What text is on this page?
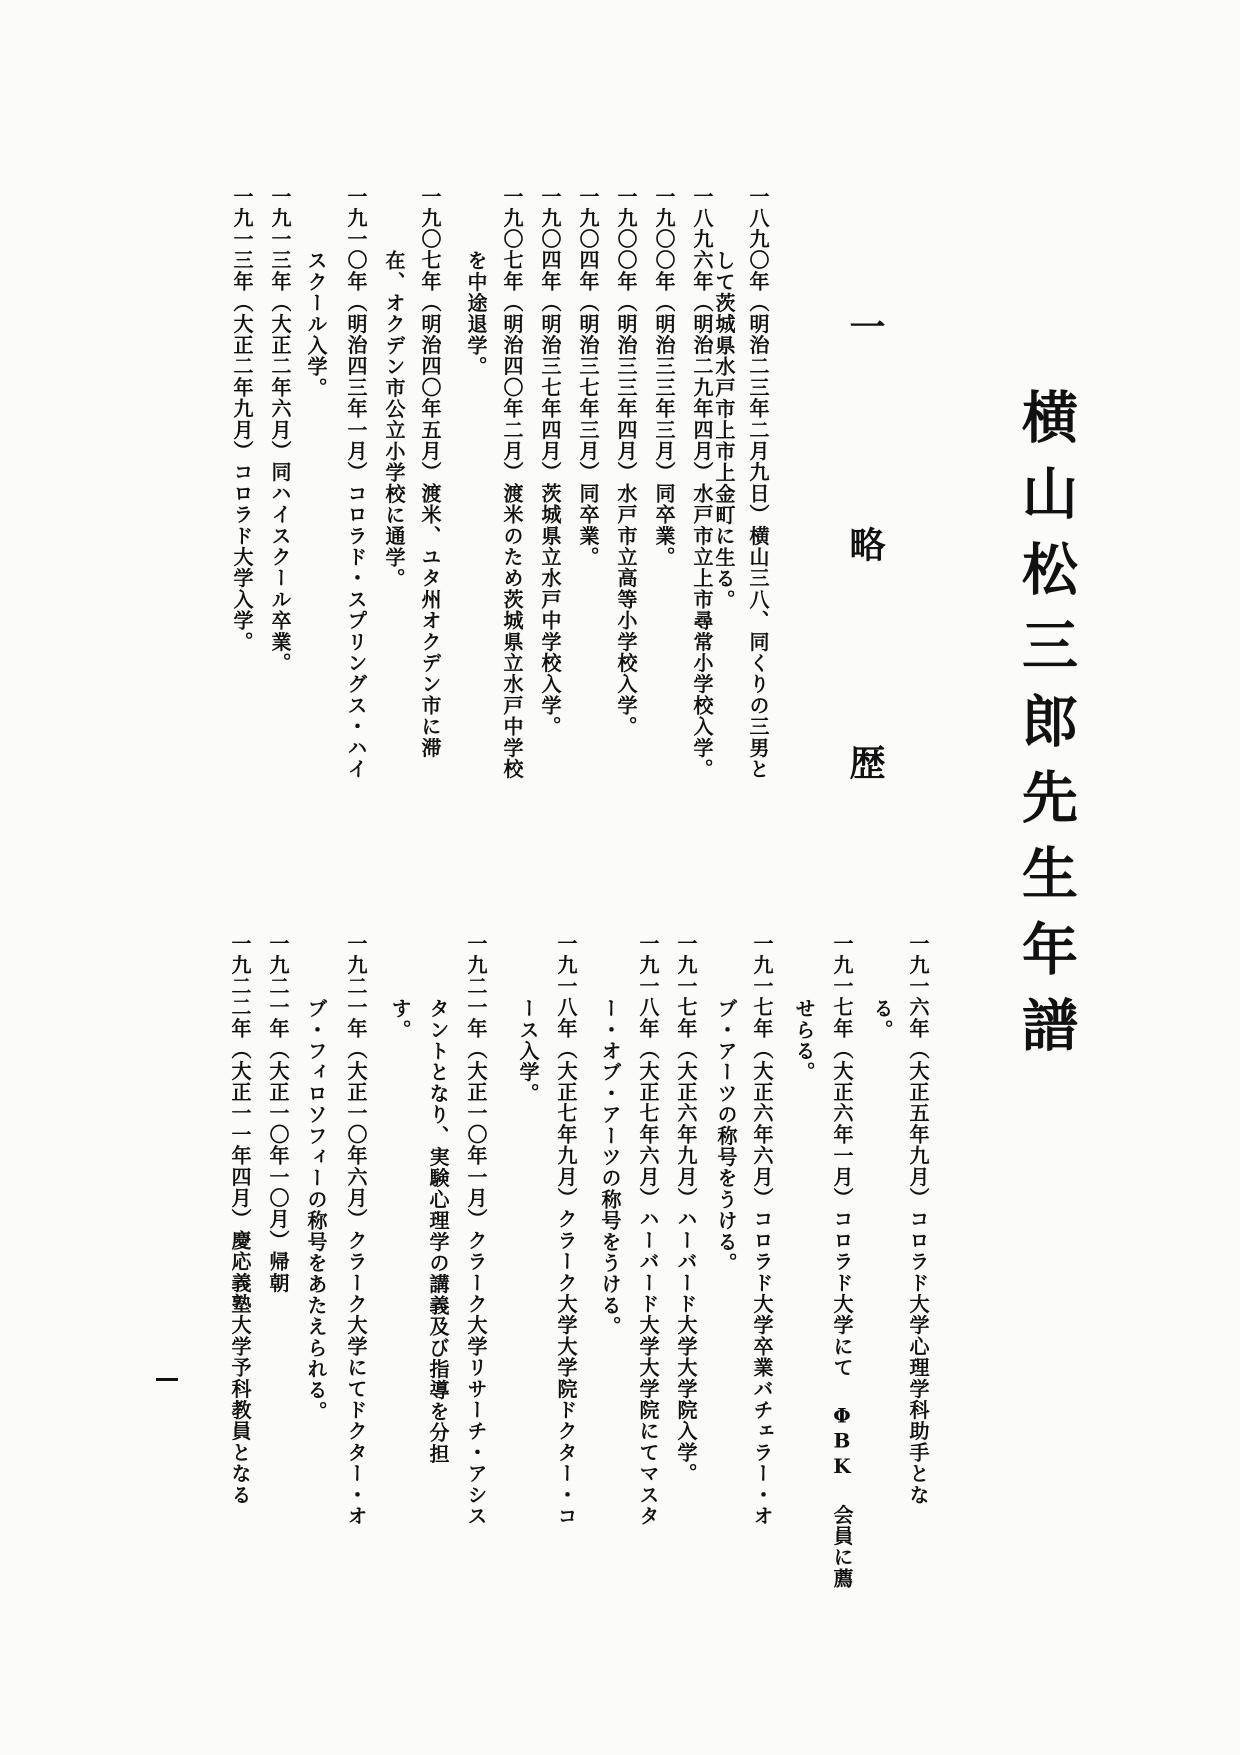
横山松三郎先生年譜
一 略 歴

一八九〇年（明治二三年二月九日）横山三八、同くりの三男と

して茨城県水戸市上市上金町に生る。

一八九六年（明治二九年四月）水戸市立上市尋常小学校入学。

一九〇〇年（明治三三年三月）同卒業。

一九〇〇年（明治三三年四月）水戸市立高等小学校入学。

一九〇四年（明治三七年三月）同卒業。

一九〇四年（明治三七年四月）茨城県立水戸中学校入学。

一九〇七年（明治四〇年二月）渡米のため茨城県立水戸中学校

を中途退学。

一九〇七年（明治四〇年五月）渡米、ユタ州オクデン市に滞

在、オクデン市公立小学校に通学。

一九一〇年（明治四三年一月）コロラド・スプリングス・ハイ

スクール入学。

一九一三年（大正二年六月）同ハイスクール卒業。

一九一三年（大正二年九月）コロラド大学入学。

一九一六年（大正五年九月）コロラド大学心理学科助手とな

る。

一九一七年（大正六年一月）コロラド大学にて ΦBK 会員に薦

せらる。

一九一七年（大正六年六月）コロラド大学卒業バチェラー・オ

ブ・アーツの称号をうける。

一九一七年（大正六年九月）ハーバード大学大学院入学。

一九一八年（大正七年六月）ハーバード大学大学院にてマスタ

ー・オブ・アーツの称号をうける。

一九一八年（大正七年九月）クラーク大学大学院ドクター・コ

ース入学。

一九二一年（大正一〇年一月）クラーク大学リサーチ・アシス

タントとなり、実験心理学の講義及び指導を分担

す。

一九二一年（大正一〇年六月）クラーク大学にてドクター・オ

ブ・フィロソフィーの称号をあたえられる。

一九二一年（大正一〇年一〇月）帰朝

一九二二年（大正一一年四月）慶応義塾大学予科教員となる
